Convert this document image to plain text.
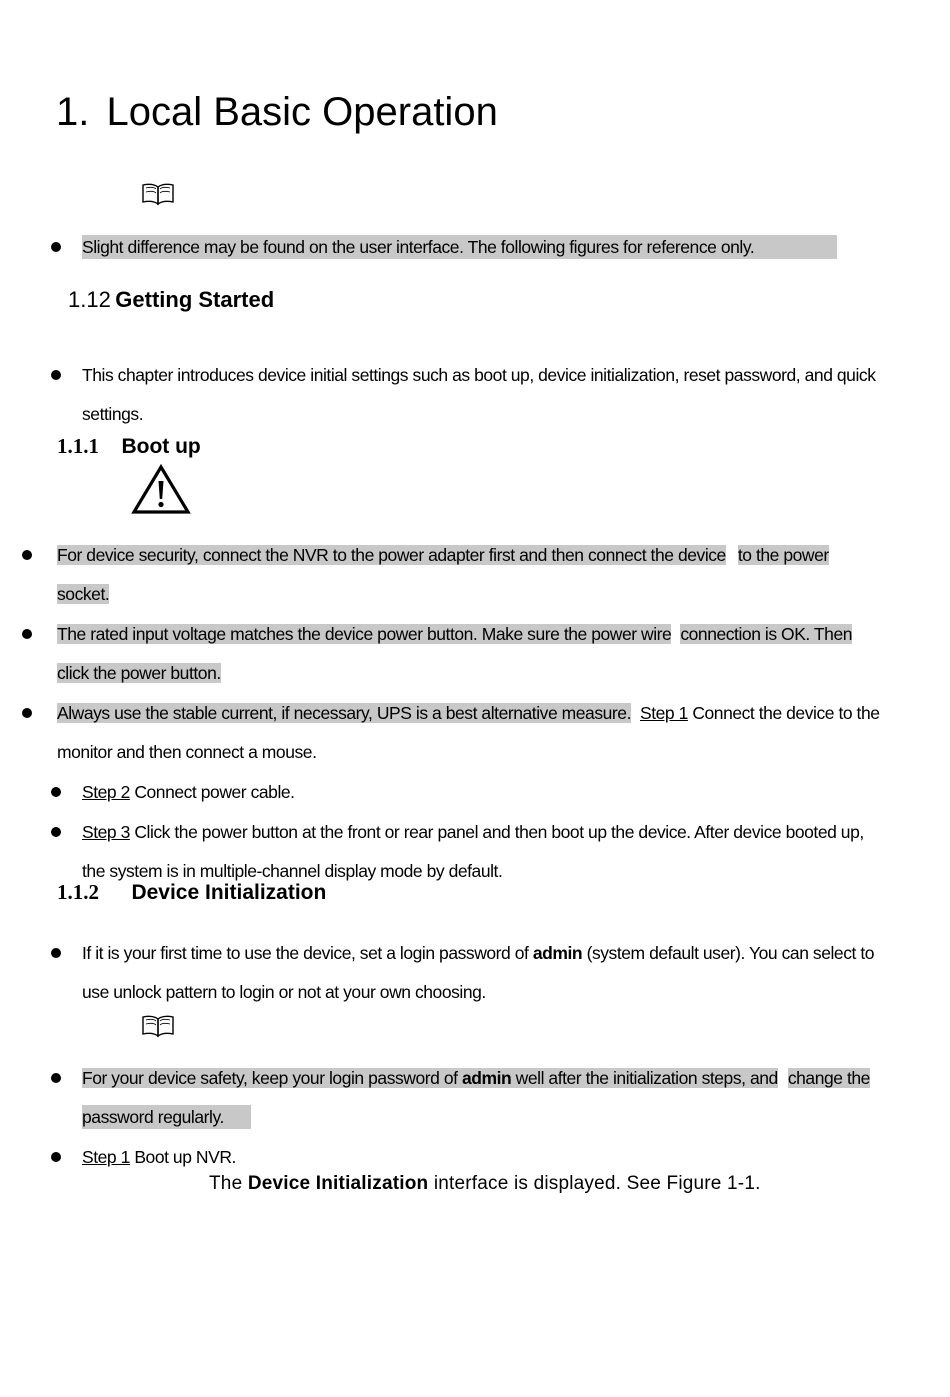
1. Local Basic Operation
Slight difference may be found on the user interface. The following figures for reference only.
1.12 Getting Started
This chapter introduces device initial settings such as boot up, device initialization, reset password, and quick
settings.
1.1.1 Boot up
For device security, connect the NVR to the power adapter first and then connect the device to the power
socket.
The rated input voltage matches the device power button. Make sure the power wire connection is OK. Then
click the power button.
Always use the stable current, if necessary, UPS is a best alternative measure. Step 1 Connect the device to the
monitor and then connect a mouse.
Step 2 Connect power cable.
Step 3 Click the power button at the front or rear panel and then boot up the device. After device booted up,
the system is in multiple-channel display mode by default.
1.1.2 Device Initialization
If it is your first time to use the device, set a login password of admin (system default user). You can select to
use unlock pattern to login or not at your own choosing.
For your device safety, keep your login password of admin well after the initialization steps, and change the
password regularly.
Step 1 Boot up NVR.
The Device Initialization interface is displayed. See Figure 1-1.
